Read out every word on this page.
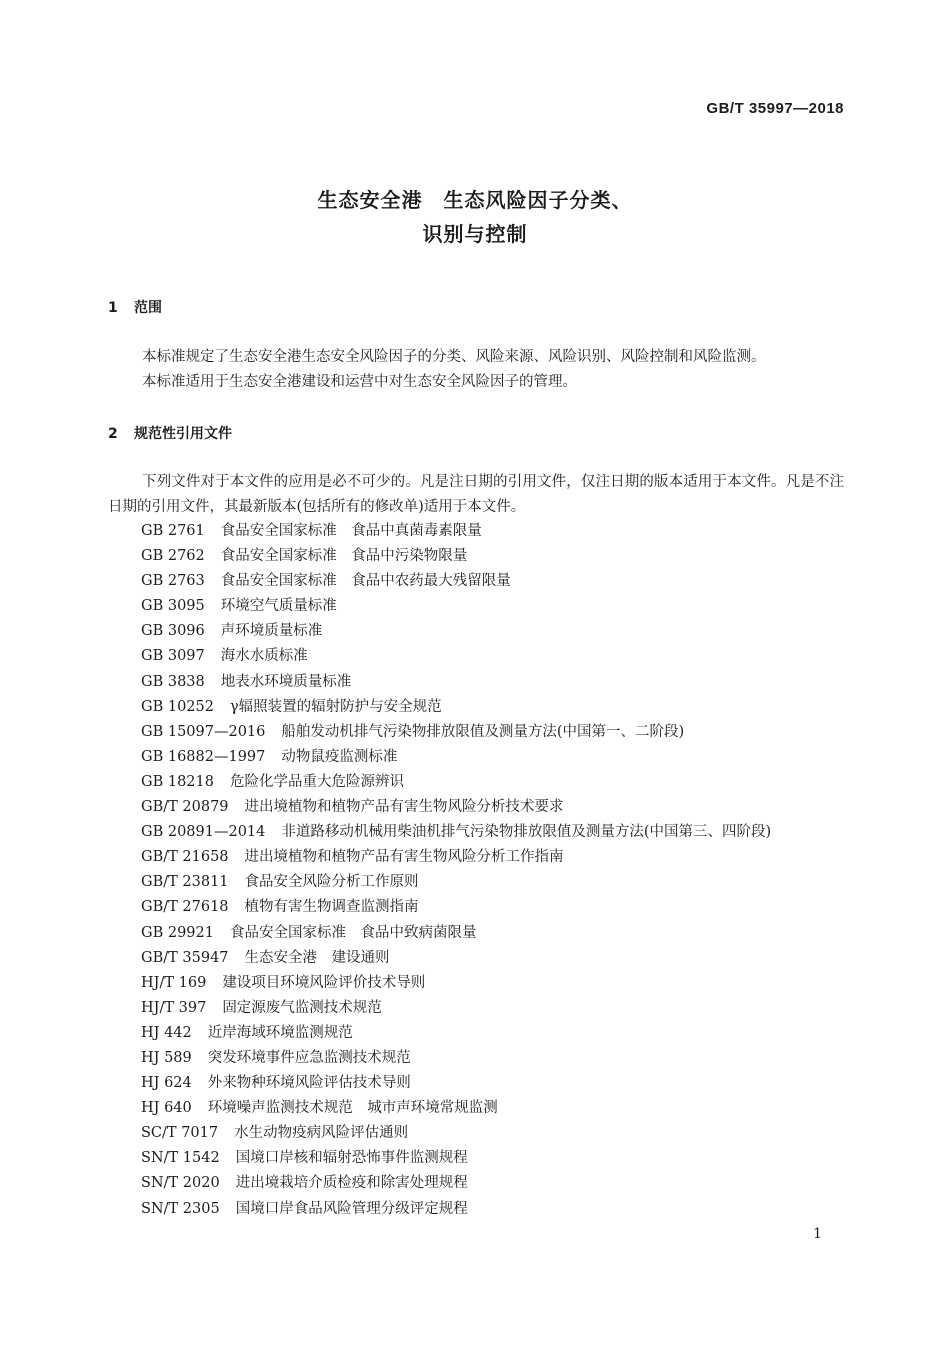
GB/T 35997—2018
生态安全港　生态风险因子分类、
识别与控制
1 范围
本标准规定了生态安全港生态安全风险因子的分类、风险来源、风险识别、风险控制和风险监测。
本标准适用于生态安全港建设和运营中对生态安全风险因子的管理。
2 规范性引用文件
下列文件对于本文件的应用是必不可少的。凡是注日期的引用文件，仅注日期的版本适用于本文件。凡是不注日期的引用文件，其最新版本(包括所有的修改单)适用于本文件。
GB 2761 食品安全国家标准　食品中真菌毒素限量
GB 2762 食品安全国家标准　食品中污染物限量
GB 2763 食品安全国家标准　食品中农药最大残留限量
GB 3095 环境空气质量标准
GB 3096 声环境质量标准
GB 3097 海水水质标准
GB 3838 地表水环境质量标准
GB 10252 γ辐照装置的辐射防护与安全规范
GB 15097—2016 船舶发动机排气污染物排放限值及测量方法(中国第一、二阶段)
GB 16882—1997 动物鼠疫监测标准
GB 18218 危险化学品重大危险源辨识
GB/T 20879 进出境植物和植物产品有害生物风险分析技术要求
GB 20891—2014 非道路移动机械用柴油机排气污染物排放限值及测量方法(中国第三、四阶段)
GB/T 21658 进出境植物和植物产品有害生物风险分析工作指南
GB/T 23811 食品安全风险分析工作原则
GB/T 27618 植物有害生物调查监测指南
GB 29921 食品安全国家标准　食品中致病菌限量
GB/T 35947 生态安全港　建设通则
HJ/T 169 建设项目环境风险评价技术导则
HJ/T 397 固定源废气监测技术规范
HJ 442 近岸海域环境监测规范
HJ 589 突发环境事件应急监测技术规范
HJ 624 外来物种环境风险评估技术导则
HJ 640 环境噪声监测技术规范　城市声环境常规监测
SC/T 7017 水生动物疫病风险评估通则
SN/T 1542 国境口岸核和辐射恐怖事件监测规程
SN/T 2020 进出境栽培介质检疫和除害处理规程
SN/T 2305 国境口岸食品风险管理分级评定规程
1
